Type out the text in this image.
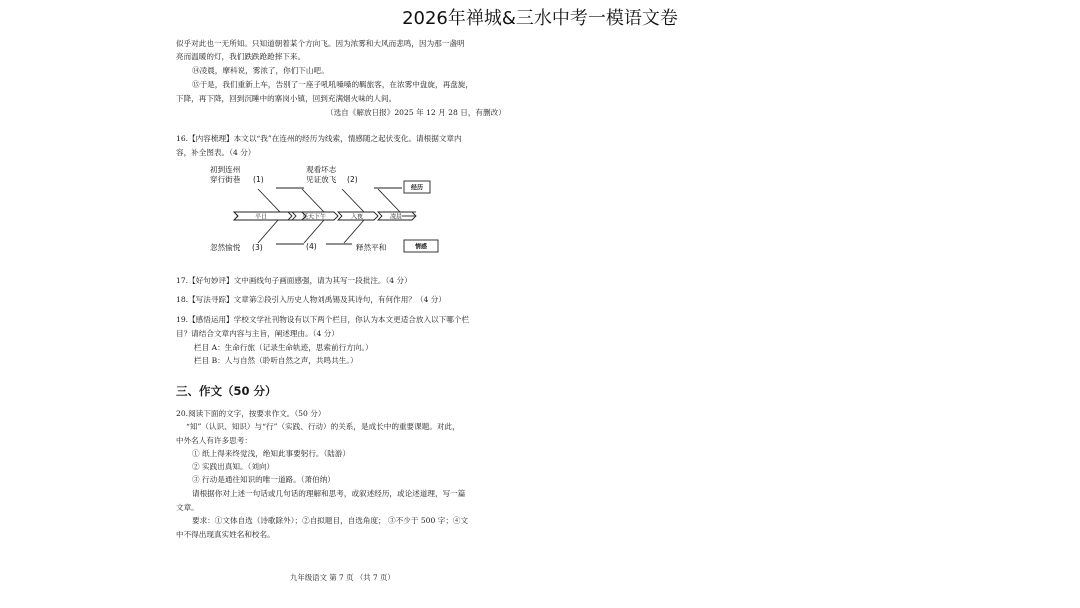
2026年禅城&三水中考一模语文卷
似乎对此也一无所知。只知道朝着某个方向飞。因为浓雾和大风而悲鸣，因为那一盏明
亮而温暖的灯，我们跌跌跄跄摔下来。
⑭凌晨，摩科说，雾浓了，你们下山吧。
⑮于是，我们重新上车，告别了一座子吼吼嗓嗓的羁旅客，在浓雾中盘旋，再盘旋，
下降，再下降，回到沉睡中的寨岗小镇，回到充满烟火味的人间。
（选自《解放日报》2025 年 12 月 28 日，有删改）
16.【内容梳理】本文以“我”在连州的经历为线索，情感随之起伏变化。请根据文章内
容，补全图表。（4 分）
平日	某天下午	入夜	凌晨
初到连州
穿行街巷 (1)
观看坏志
见证放飞 (2)
忽然愉悦 (3)	(4)	释然平和
经历
情感
17.【好句妙评】文中画线句子画面感强，请为其写一段批注。（4 分）
18.【写法寻踪】文章第②段引入历史人物刘禹锡及其诗句，有何作用？（4 分）
19.【感悟运用】学校文学社刊物设有以下两个栏目，你认为本文更适合放入以下哪个栏
目？请结合文章内容与主旨，阐述理由。（4 分）
栏目 A：生命行旅（记录生命轨迹，思索前行方向。）
栏目 B：人与自然（聆听自然之声，共鸣共生。）
三、作文（50 分）
20.阅读下面的文字，按要求作文。（50 分）
“知”（认识、知识）与“行”（实践、行动）的关系，是成长中的重要课题。对此，
中外名人有许多思考：
① 纸上得来终觉浅，绝知此事要躬行。（陆游）
② 实践出真知。（刘向）
③ 行动是通往知识的唯一道路。（萧伯纳）
请根据你对上述一句话或几句话的理解和思考，或叙述经历，或论述道理，写一篇
文章。
要求：①文体自选（诗歌除外）；②自拟题目，自选角度； ③不少于 500 字；④文
中不得出现真实姓名和校名。
九年级语文 第 7 页 （共 7 页）
